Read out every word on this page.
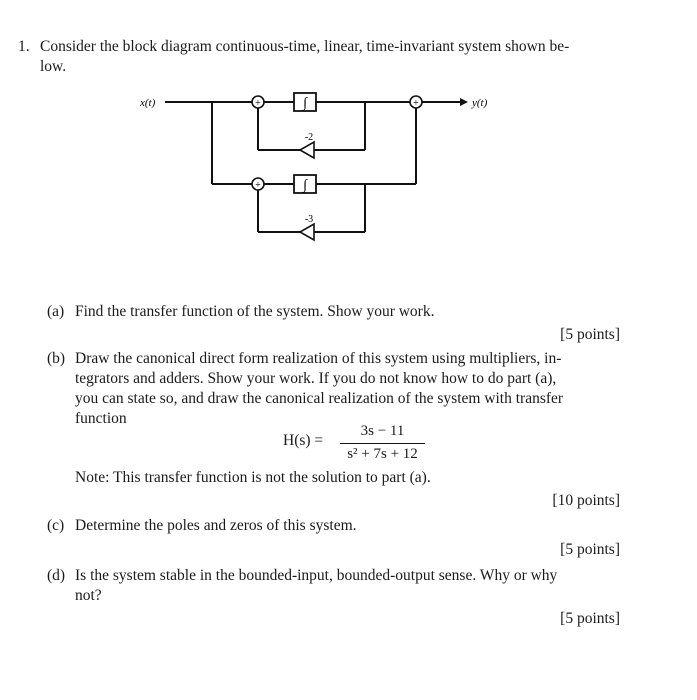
1. Consider the block diagram continuous-time, linear, time-invariant system shown be-
low.
+	+
+
∫
∫
-2
-3
x(t)	y(t)
(a) Find the transfer function of the system. Show your work.
[5 points]
(b) Draw the canonical direct form realization of this system using multipliers, in-
tegrators and adders. Show your work. If you do not know how to do part (a),
you can state so, and draw the canonical realization of the system with transfer
function
H(s) =
3s − 11
s² + 7s + 12
Note: This transfer function is not the solution to part (a).
[10 points]
(c) Determine the poles and zeros of this system.
[5 points]
(d) Is the system stable in the bounded-input, bounded-output sense. Why or why
not?
[5 points]
